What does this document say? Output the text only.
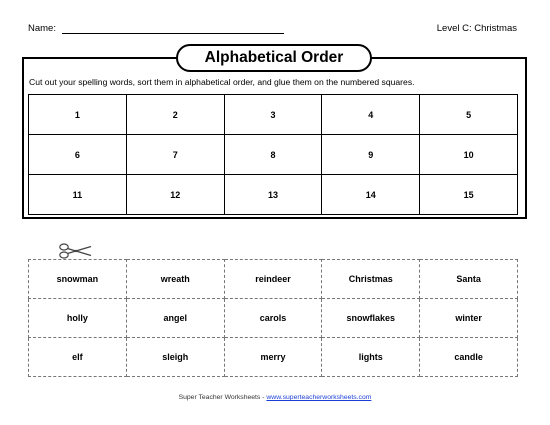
Name:	Level C: Christmas
Alphabetical Order
Cut out your spelling words, sort them in alphabetical order, and glue them on the numbered squares.
1	2	3	4	5
6	7	8	9	10
11	12	13	14	15
snowman	wreath	reindeer	Christmas	Santa
holly	angel	carols	snowflakes	winter
elf	sleigh	merry	lights	candle
Super Teacher Worksheets - www.superteacherworksheets.com
